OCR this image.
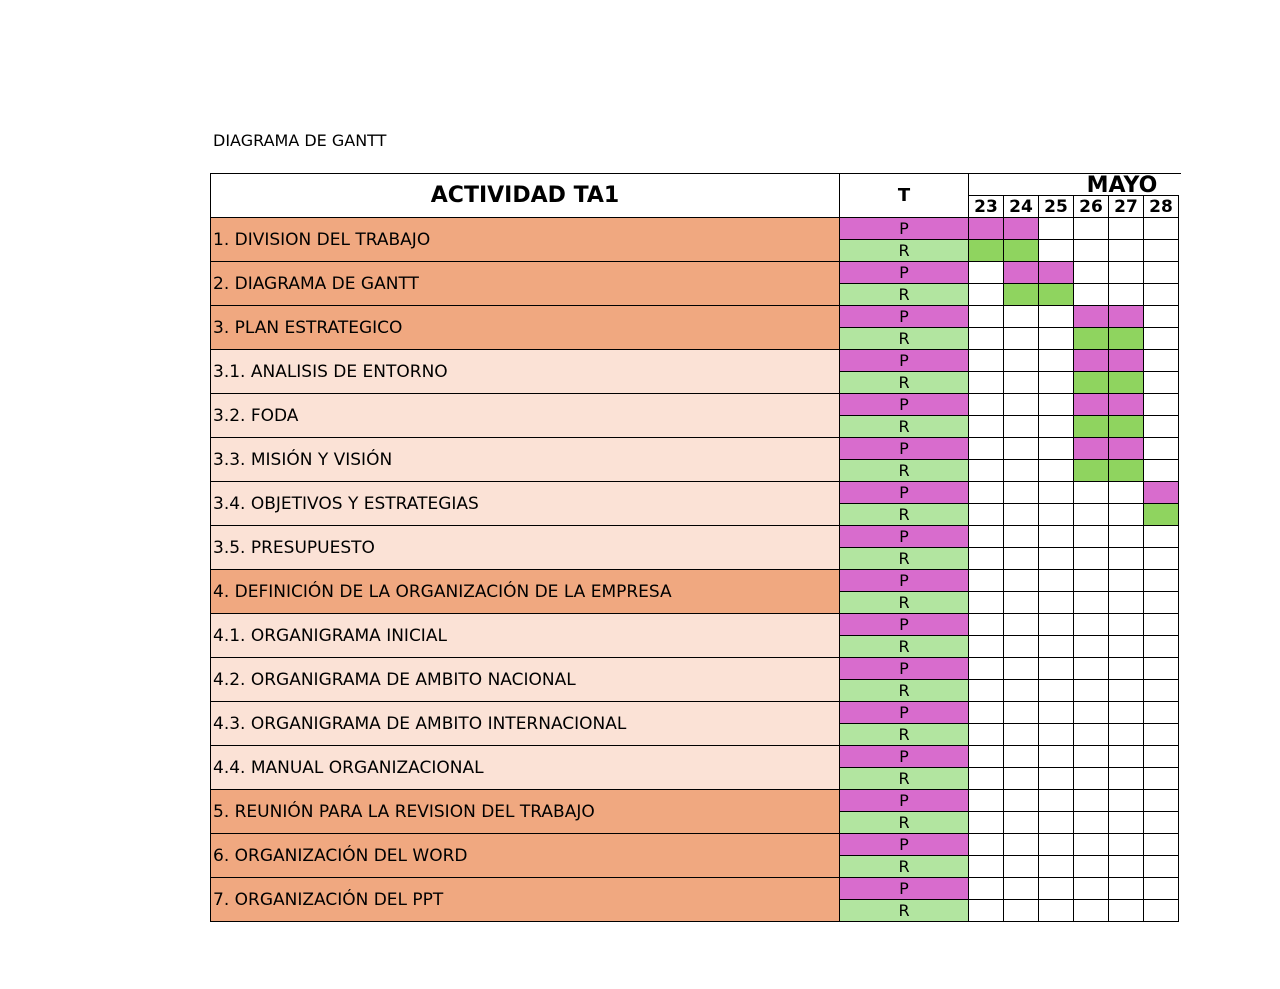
DIAGRAMA DE GANTT
ACTIVIDAD TA1	T	MAYO
23 24 25 26 27 28
1. DIVISION DEL TRABAJO
P
R
2. DIAGRAMA DE GANTT
P
R
3. PLAN ESTRATEGICO
P
R
3.1. ANALISIS DE ENTORNO
P
R
3.2. FODA
P
R
3.3. MISIÓN Y VISIÓN
P
R
3.4. OBJETIVOS Y ESTRATEGIAS
P
R
3.5. PRESUPUESTO
P
R
4. DEFINICIÓN DE LA ORGANIZACIÓN DE LA EMPRESA
P
R
4.1. ORGANIGRAMA INICIAL
P
R
4.2. ORGANIGRAMA DE AMBITO NACIONAL
P
R
4.3. ORGANIGRAMA DE AMBITO INTERNACIONAL
P
R
4.4. MANUAL ORGANIZACIONAL
P
R
5. REUNIÓN PARA LA REVISION DEL TRABAJO
P
R
6. ORGANIZACIÓN DEL WORD
P
R
7. ORGANIZACIÓN DEL PPT
P
R
